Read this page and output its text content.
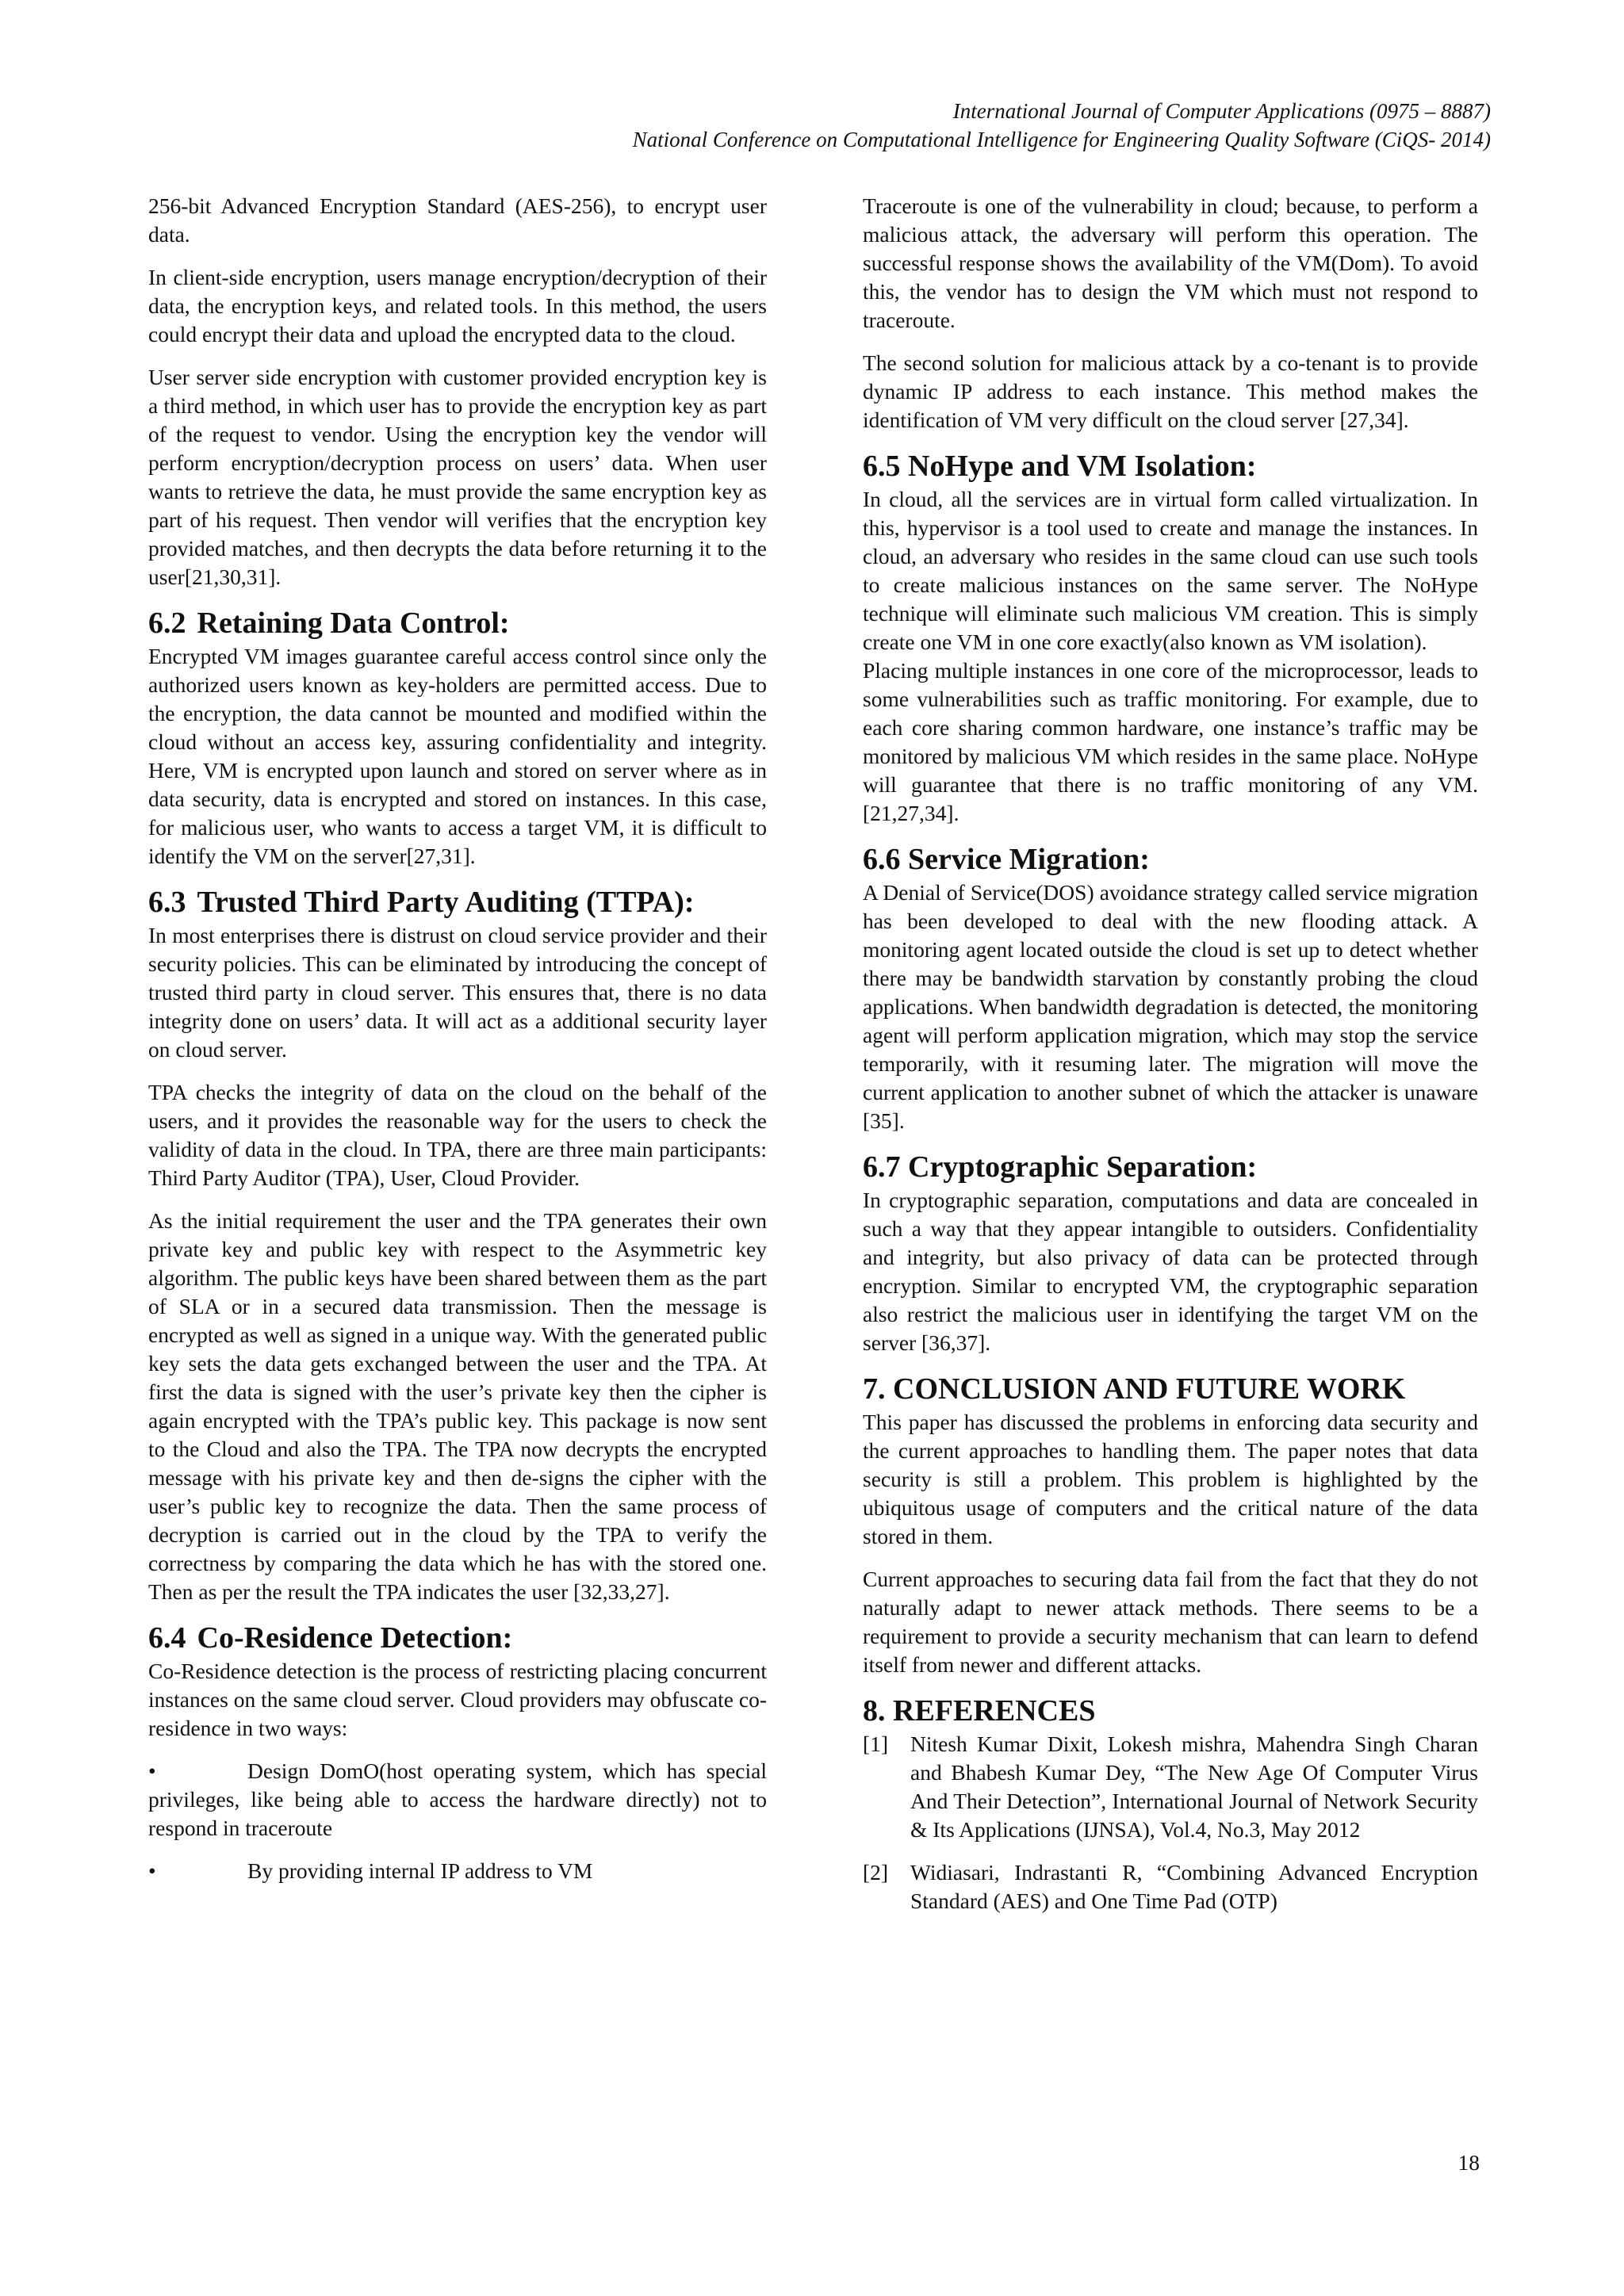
International Journal of Computer Applications (0975 – 8887)
National Conference on Computational Intelligence for Engineering Quality Software (CiQS- 2014)

256-bit Advanced Encryption Standard (AES-256), to encrypt user data.

In client-side encryption, users manage encryption/decryption of their data, the encryption keys, and related tools. In this method, the users could encrypt their data and upload the encrypted data to the cloud.

User server side encryption with customer provided encryption key is a third method, in which user has to provide the encryption key as part of the request to vendor. Using the encryption key the vendor will perform encryption/decryption process on users’ data. When user wants to retrieve the data, he must provide the same encryption key as part of his request. Then vendor will verifies that the encryption key provided matches, and then decrypts the data before returning it to the user[21,30,31].

6.2 Retaining Data Control:

Encrypted VM images guarantee careful access control since only the authorized users known as key-holders are permitted access. Due to the encryption, the data cannot be mounted and modified within the cloud without an access key, assuring confidentiality and integrity. Here, VM is encrypted upon launch and stored on server where as in data security, data is encrypted and stored on instances. In this case, for malicious user, who wants to access a target VM, it is difficult to identify the VM on the server[27,31].

6.3 Trusted Third Party Auditing (TTPA):

In most enterprises there is distrust on cloud service provider and their security policies. This can be eliminated by introducing the concept of trusted third party in cloud server. This ensures that, there is no data integrity done on users’ data. It will act as a additional security layer on cloud server.

TPA checks the integrity of data on the cloud on the behalf of the users, and it provides the reasonable way for the users to check the validity of data in the cloud. In TPA, there are three main participants: Third Party Auditor (TPA), User, Cloud Provider.

As the initial requirement the user and the TPA generates their own private key and public key with respect to the Asymmetric key algorithm. The public keys have been shared between them as the part of SLA or in a secured data transmission. Then the message is encrypted as well as signed in a unique way. With the generated public key sets the data gets exchanged between the user and the TPA. At first the data is signed with the user’s private key then the cipher is again encrypted with the TPA’s public key. This package is now sent to the Cloud and also the TPA. The TPA now decrypts the encrypted message with his private key and then de-signs the cipher with the user’s public key to recognize the data. Then the same process of decryption is carried out in the cloud by the TPA to verify the correctness by comparing the data which he has with the stored one. Then as per the result the TPA indicates the user [32,33,27].

6.4 Co-Residence Detection:

Co-Residence detection is the process of restricting placing concurrent instances on the same cloud server. Cloud providers may obfuscate co-residence in two ways:

•	Design DomO(host operating system, which has special privileges, like being able to access the hardware directly) not to respond in traceroute
•	By providing internal IP address to VM

Traceroute is one of the vulnerability in cloud; because, to perform a malicious attack, the adversary will perform this operation. The successful response shows the availability of the VM(Dom). To avoid this, the vendor has to design the VM which must not respond to traceroute.

The second solution for malicious attack by a co-tenant is to provide dynamic IP address to each instance. This method makes the identification of VM very difficult on the cloud server [27,34].

6.5 NoHype and VM Isolation:

In cloud, all the services are in virtual form called virtualization. In this, hypervisor is a tool used to create and manage the instances. In cloud, an adversary who resides in the same cloud can use such tools to create malicious instances on the same server. The NoHype technique will eliminate such malicious VM creation. This is simply create one VM in one core exactly(also known as VM isolation).

Placing multiple instances in one core of the microprocessor, leads to some vulnerabilities such as traffic monitoring. For example, due to each core sharing common hardware, one instance’s traffic may be monitored by malicious VM which resides in the same place. NoHype will guarantee that there is no traffic monitoring of any VM. [21,27,34].

6.6 Service Migration:

A Denial of Service(DOS) avoidance strategy called service migration has been developed to deal with the new flooding attack. A monitoring agent located outside the cloud is set up to detect whether there may be bandwidth starvation by constantly probing the cloud applications. When bandwidth degradation is detected, the monitoring agent will perform application migration, which may stop the service temporarily, with it resuming later. The migration will move the current application to another subnet of which the attacker is unaware [35].

6.7 Cryptographic Separation:

In cryptographic separation, computations and data are concealed in such a way that they appear intangible to outsiders. Confidentiality and integrity, but also privacy of data can be protected through encryption. Similar to encrypted VM, the cryptographic separation also restrict the malicious user in identifying the target VM on the server [36,37].

7. CONCLUSION AND FUTURE WORK

This paper has discussed the problems in enforcing data security and the current approaches to handling them. The paper notes that data security is still a problem. This problem is highlighted by the ubiquitous usage of computers and the critical nature of the data stored in them.

Current approaches to securing data fail from the fact that they do not naturally adapt to newer attack methods. There seems to be a requirement to provide a security mechanism that can learn to defend itself from newer and different attacks.

8. REFERENCES
[1] Nitesh Kumar Dixit, Lokesh mishra, Mahendra Singh Charan and Bhabesh Kumar Dey, “The New Age Of Computer Virus And Their Detection”, International Journal of Network Security & Its Applications (IJNSA), Vol.4, No.3, May 2012
[2] Widiasari, Indrastanti R, “Combining Advanced Encryption Standard (AES) and One Time Pad (OTP)
18
